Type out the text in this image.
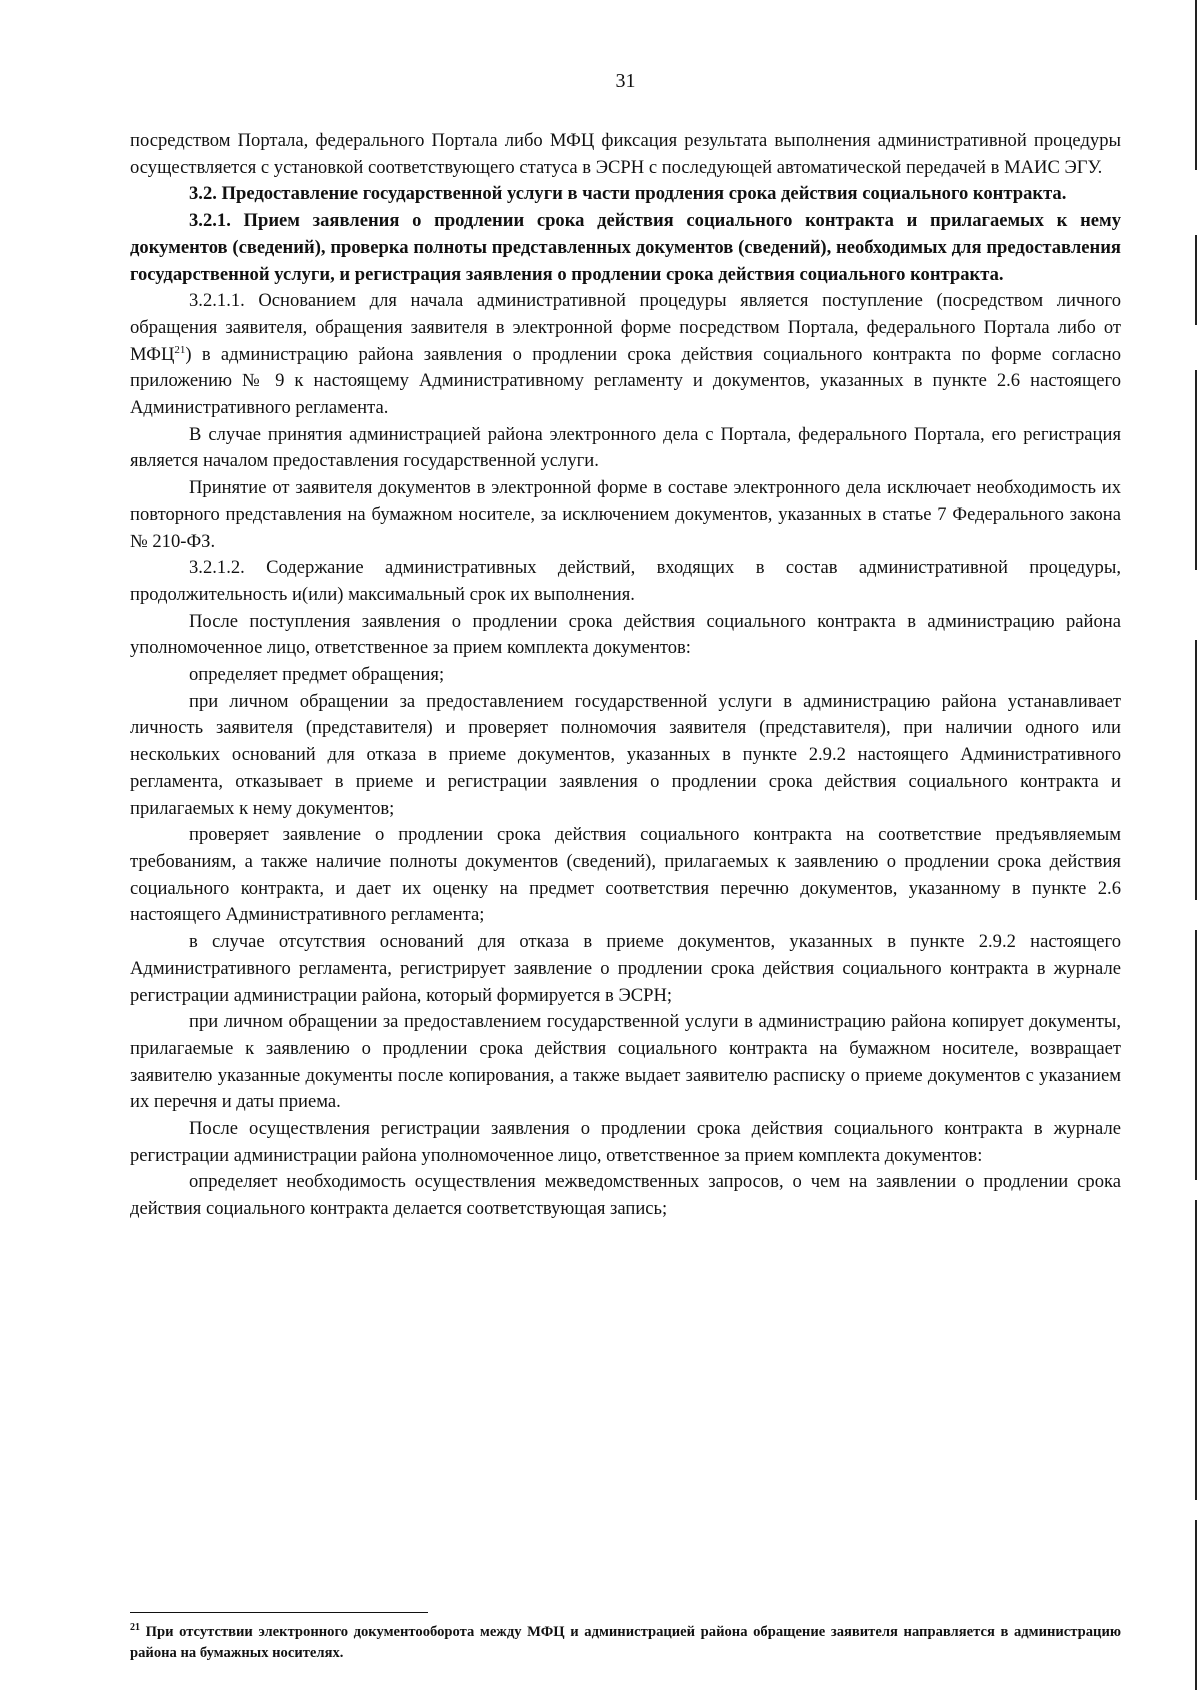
31

посредством Портала, федерального Портала либо МФЦ фиксация результата выполнения административной процедуры осуществляется с установкой соответствующего статуса в ЭСРН с последующей автоматической передачей в МАИС ЭГУ.

3.2. Предоставление государственной услуги в части продления срока действия социального контракта.

3.2.1. Прием заявления о продлении срока действия социального контракта и прилагаемых к нему документов (сведений), проверка полноты представленных документов (сведений), необходимых для предоставления государственной услуги, и регистрация заявления о продлении срока действия социального контракта.

3.2.1.1. Основанием для начала административной процедуры является поступление (посредством личного обращения заявителя, обращения заявителя в электронной форме посредством Портала, федерального Портала либо от МФЦ$^{21}$) в администрацию района заявления о продлении срока действия социального контракта по форме согласно приложению № 9 к настоящему Административному регламенту и документов, указанных в пункте 2.6 настоящего Административного регламента.

В случае принятия администрацией района электронного дела с Портала, федерального Портала, его регистрация является началом предоставления государственной услуги.

Принятие от заявителя документов в электронной форме в составе электронного дела исключает необходимость их повторного представления на бумажном носителе, за исключением документов, указанных в статье 7 Федерального закона № 210-ФЗ.

3.2.1.2. Содержание административных действий, входящих в состав административной процедуры, продолжительность и(или) максимальный срок их выполнения.

После поступления заявления о продлении срока действия социального контракта в администрацию района уполномоченное лицо, ответственное за прием комплекта документов:

определяет предмет обращения;

при личном обращении за предоставлением государственной услуги в администрацию района устанавливает личность заявителя (представителя) и проверяет полномочия заявителя (представителя), при наличии одного или нескольких оснований для отказа в приеме документов, указанных в пункте 2.9.2 настоящего Административного регламента, отказывает в приеме и регистрации заявления о продлении срока действия социального контракта и прилагаемых к нему документов;

проверяет заявление о продлении срока действия социального контракта на соответствие предъявляемым требованиям, а также наличие полноты документов (сведений), прилагаемых к заявлению о продлении срока действия социального контракта, и дает их оценку на предмет соответствия перечню документов, указанному в пункте 2.6 настоящего Административного регламента;

в случае отсутствия оснований для отказа в приеме документов, указанных в пункте 2.9.2 настоящего Административного регламента, регистрирует заявление о продлении срока действия социального контракта в журнале регистрации администрации района, который формируется в ЭСРН;

при личном обращении за предоставлением государственной услуги в администрацию района копирует документы, прилагаемые к заявлению о продлении срока действия социального контракта на бумажном носителе, возвращает заявителю указанные документы после копирования, а также выдает заявителю расписку о приеме документов с указанием их перечня и даты приема.

После осуществления регистрации заявления о продлении срока действия социального контракта в журнале регистрации администрации района уполномоченное лицо, ответственное за прием комплекта документов:

определяет необходимость осуществления межведомственных запросов, о чем на заявлении о продлении срока действия социального контракта делается соответствующая запись;

$^{21}$ При отсутствии электронного документооборота между МФЦ и администрацией района обращение заявителя направляется в администрацию района на бумажных носителях.
